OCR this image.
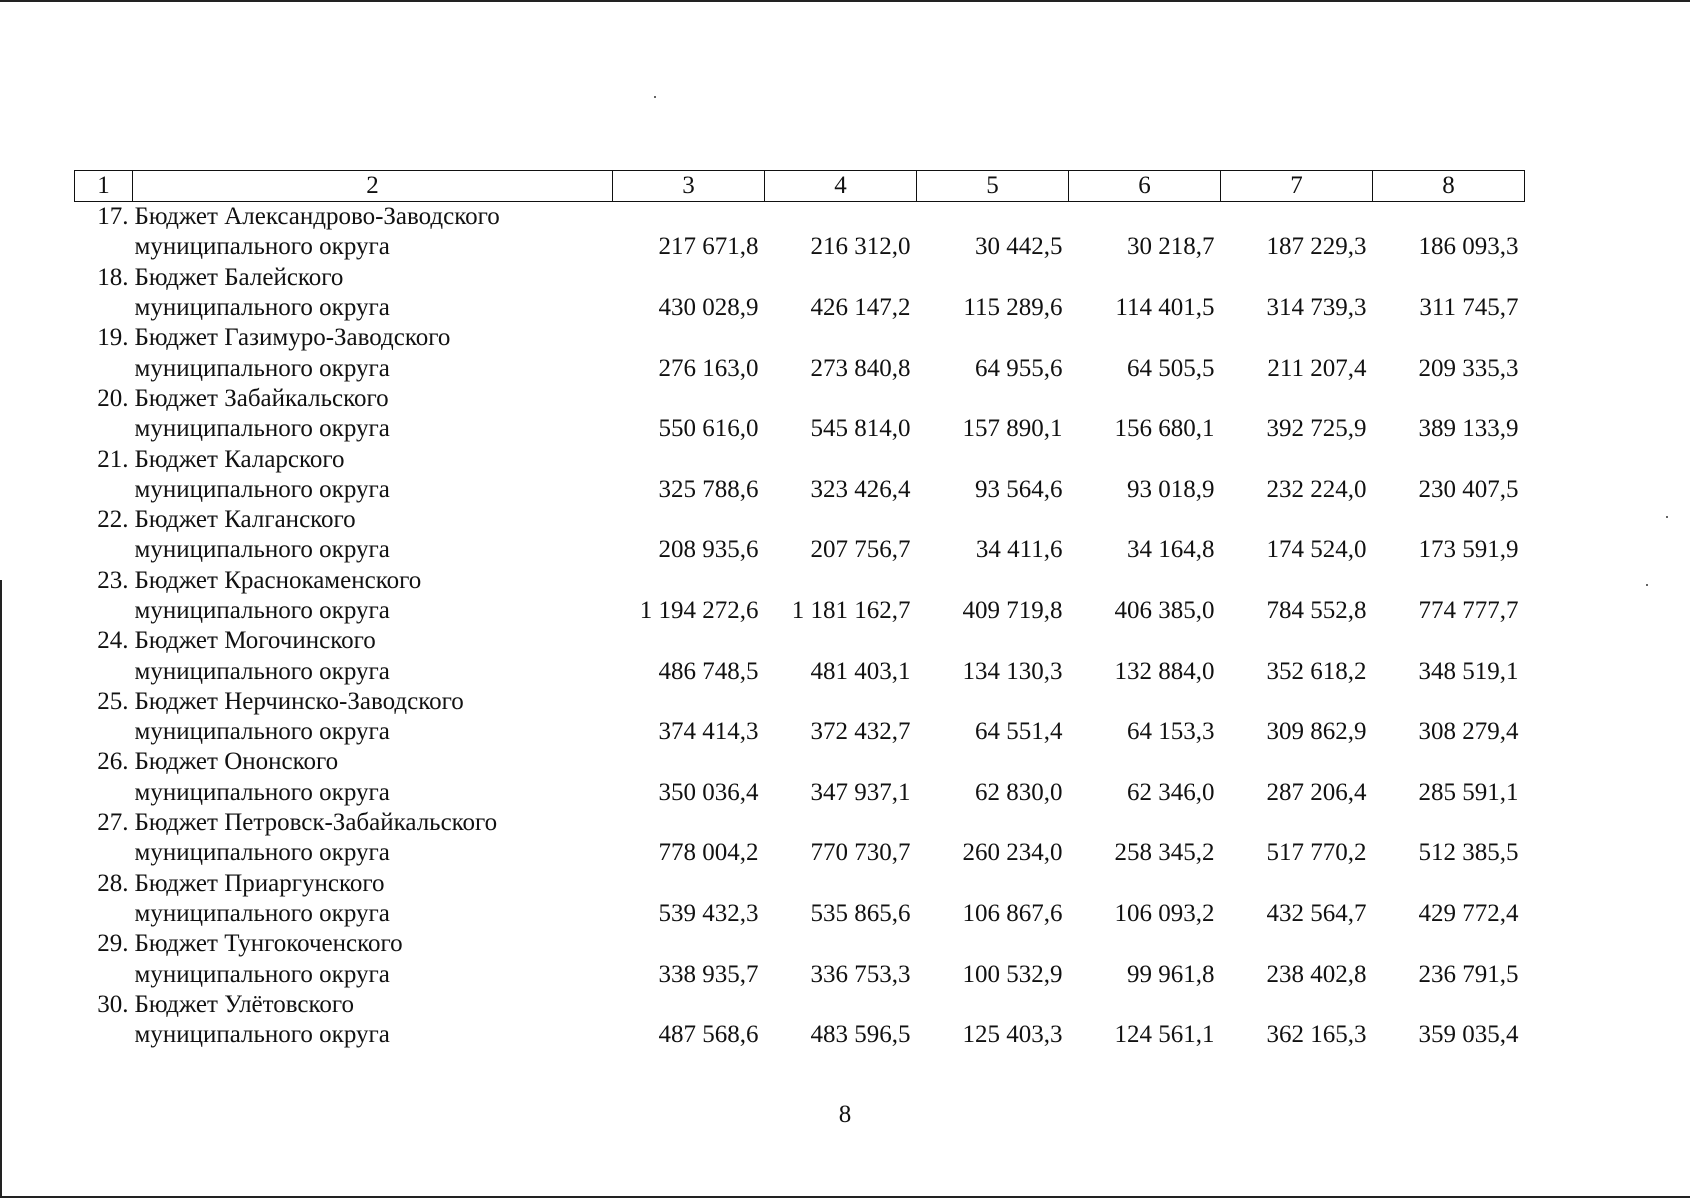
1	2	3	4	5	6	7	8
17.	Бюджет Александрово-Заводского						
	муниципального округа	217 671,8	216 312,0	30 442,5	30 218,7	187 229,3	186 093,3
18.	Бюджет Балейского						
	муниципального округа	430 028,9	426 147,2	115 289,6	114 401,5	314 739,3	311 745,7
19.	Бюджет Газимуро-Заводского						
	муниципального округа	276 163,0	273 840,8	64 955,6	64 505,5	211 207,4	209 335,3
20.	Бюджет Забайкальского						
	муниципального округа	550 616,0	545 814,0	157 890,1	156 680,1	392 725,9	389 133,9
21.	Бюджет Каларского						
	муниципального округа	325 788,6	323 426,4	93 564,6	93 018,9	232 224,0	230 407,5
22.	Бюджет Калганского						
	муниципального округа	208 935,6	207 756,7	34 411,6	34 164,8	174 524,0	173 591,9
23.	Бюджет Краснокаменского						
	муниципального округа	1 194 272,6	1 181 162,7	409 719,8	406 385,0	784 552,8	774 777,7
24.	Бюджет Могочинского						
	муниципального округа	486 748,5	481 403,1	134 130,3	132 884,0	352 618,2	348 519,1
25.	Бюджет Нерчинско-Заводского						
	муниципального округа	374 414,3	372 432,7	64 551,4	64 153,3	309 862,9	308 279,4
26.	Бюджет Ононского						
	муниципального округа	350 036,4	347 937,1	62 830,0	62 346,0	287 206,4	285 591,1
27.	Бюджет Петровск-Забайкальского						
	муниципального округа	778 004,2	770 730,7	260 234,0	258 345,2	517 770,2	512 385,5
28.	Бюджет Приаргунского						
	муниципального округа	539 432,3	535 865,6	106 867,6	106 093,2	432 564,7	429 772,4
29.	Бюджет Тунгокоченского						
	муниципального округа	338 935,7	336 753,3	100 532,9	99 961,8	238 402,8	236 791,5
30.	Бюджет Улётовского						
	муниципального округа	487 568,6	483 596,5	125 403,3	124 561,1	362 165,3	359 035,4
8
